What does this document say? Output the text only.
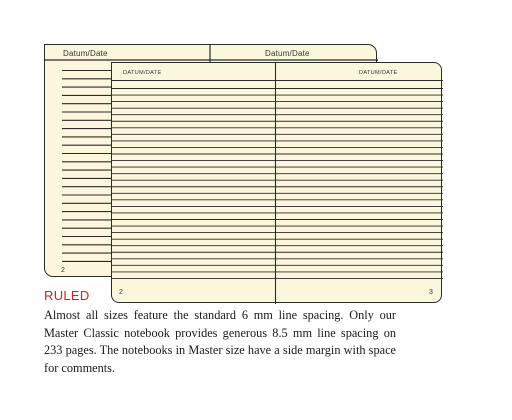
Datum/Date	Datum/Date
2
DATUM/DATE	DATUM/DATE
2	3
RULED

Almost all sizes feature the standard 6 mm line spacing. Only our Master Classic notebook provides generous 8.5 mm line spacing on 233 pages. The notebooks in Master size have a side margin with space for comments.
